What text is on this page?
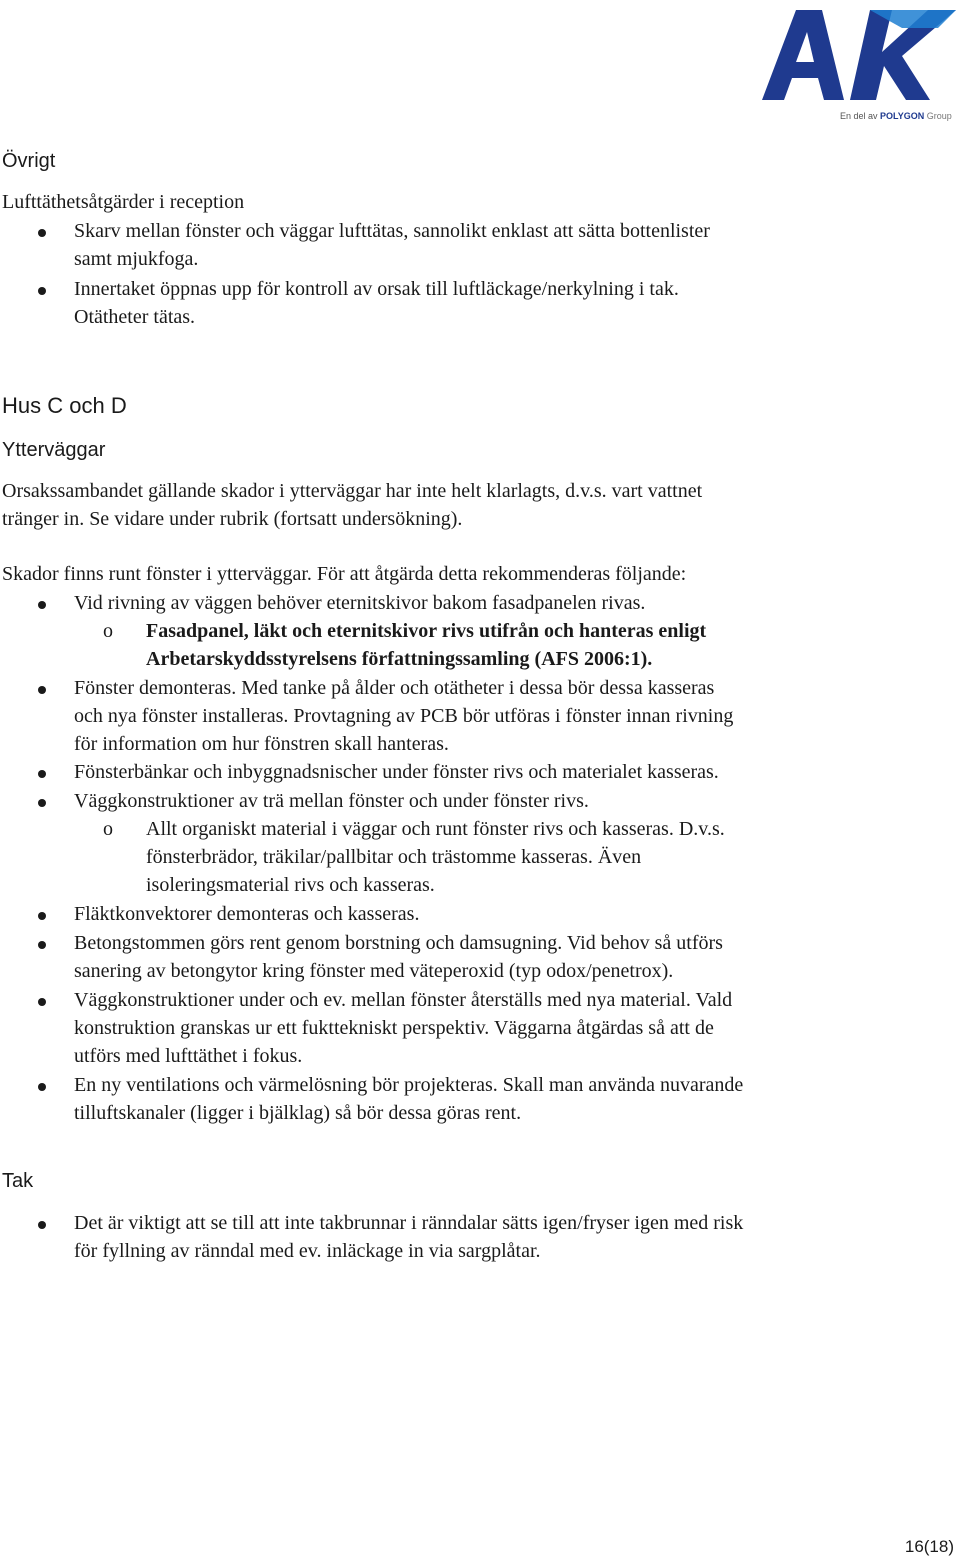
En del av POLYGON Group
Övrigt
Lufttäthetsåtgärder i reception
Skarv mellan fönster och väggar lufttätas, sannolikt enklast att sätta bottenlister
samt mjukfoga.
Innertaket öppnas upp för kontroll av orsak till luftläckage/nerkylning i tak.
Otätheter tätas.
Hus C och D
Ytterväggar
Orsakssambandet gällande skador i ytterväggar har inte helt klarlagts, d.v.s. vart vattnet
tränger in. Se vidare under rubrik (fortsatt undersökning).
Skador finns runt fönster i ytterväggar. För att åtgärda detta rekommenderas följande:
Vid rivning av väggen behöver eternitskivor bakom fasadpanelen rivas.
o Fasadpanel, läkt och eternitskivor rivs utifrån och hanteras enligt
Arbetarskyddsstyrelsens författningssamling (AFS 2006:1).
Fönster demonteras. Med tanke på ålder och otätheter i dessa bör dessa kasseras
och nya fönster installeras. Provtagning av PCB bör utföras i fönster innan rivning
för information om hur fönstren skall hanteras.
Fönsterbänkar och inbyggnadsnischer under fönster rivs och materialet kasseras.
Väggkonstruktioner av trä mellan fönster och under fönster rivs.
o Allt organiskt material i väggar och runt fönster rivs och kasseras. D.v.s.
fönsterbrädor, träkilar/pallbitar och trästomme kasseras. Även
isoleringsmaterial rivs och kasseras.
Fläktkonvektorer demonteras och kasseras.
Betongstommen görs rent genom borstning och damsugning. Vid behov så utförs
sanering av betongytor kring fönster med väteperoxid (typ odox/penetrox).
Väggkonstruktioner under och ev. mellan fönster återställs med nya material. Vald
konstruktion granskas ur ett fukttekniskt perspektiv. Väggarna åtgärdas så att de
utförs med lufttäthet i fokus.
En ny ventilations och värmelösning bör projekteras. Skall man använda nuvarande
tilluftskanaler (ligger i bjälklag) så bör dessa göras rent.
Tak
Det är viktigt att se till att inte takbrunnar i ränndalar sätts igen/fryser igen med risk
för fyllning av ränndal med ev. inläckage in via sargplåtar.
16(18)
